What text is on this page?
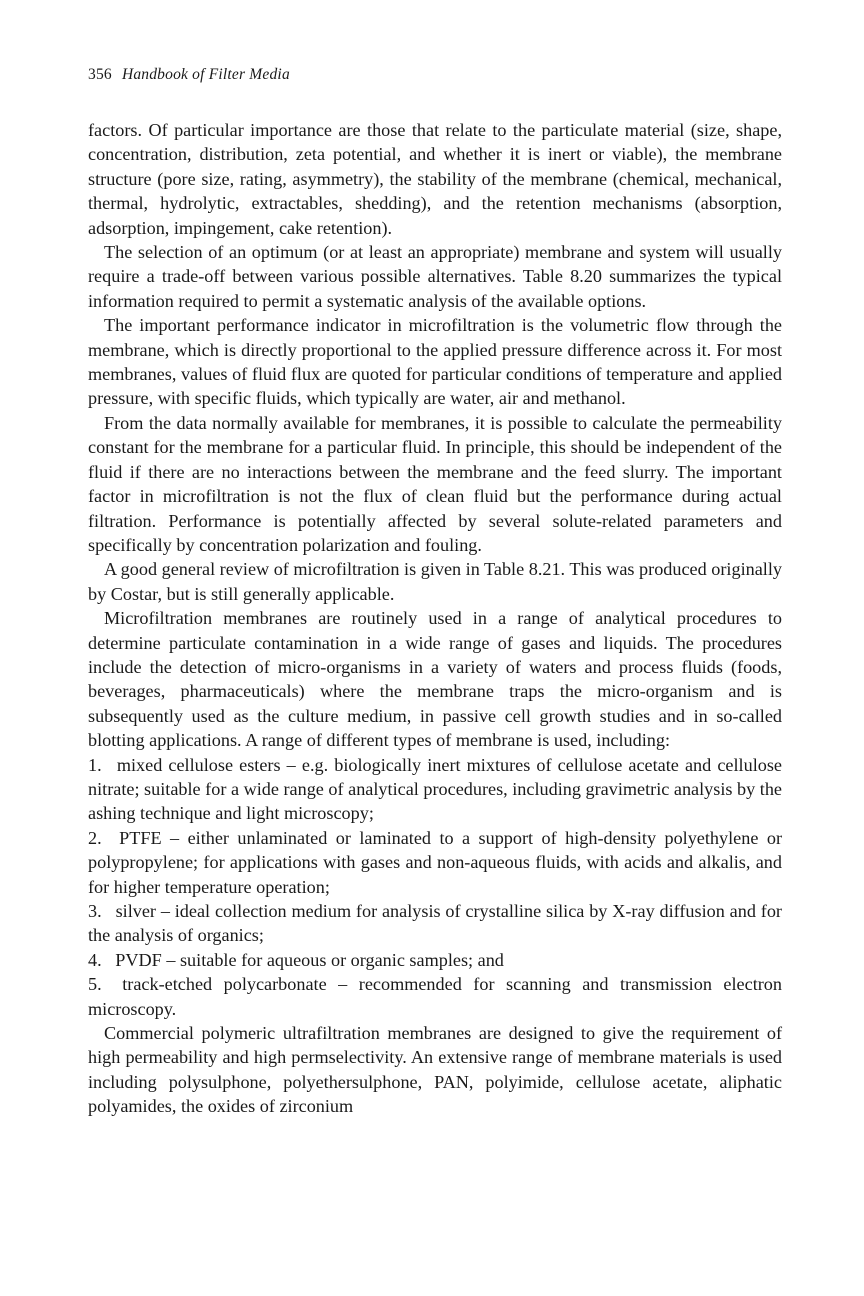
356 Handbook of Filter Media

factors. Of particular importance are those that relate to the particulate material (size, shape, concentration, distribution, zeta potential, and whether it is inert or viable), the membrane structure (pore size, rating, asymmetry), the stability of the membrane (chemical, mechanical, thermal, hydrolytic, extractables, shedding), and the retention mechanisms (absorption, adsorption, impingement, cake retention).

The selection of an optimum (or at least an appropriate) membrane and system will usually require a trade-off between various possible alternatives. Table 8.20 summarizes the typical information required to permit a systematic analysis of the available options.

The important performance indicator in microfiltration is the volumetric flow through the membrane, which is directly proportional to the applied pressure difference across it. For most membranes, values of fluid flux are quoted for particular conditions of temperature and applied pressure, with specific fluids, which typically are water, air and methanol.

From the data normally available for membranes, it is possible to calculate the permeability constant for the membrane for a particular fluid. In principle, this should be independent of the fluid if there are no interactions between the membrane and the feed slurry. The important factor in microfiltration is not the flux of clean fluid but the performance during actual filtration. Performance is potentially affected by several solute-related parameters and specifically by concentration polarization and fouling.

A good general review of microfiltration is given in Table 8.21. This was produced originally by Costar, but is still generally applicable.

Microfiltration membranes are routinely used in a range of analytical procedures to determine particulate contamination in a wide range of gases and liquids. The procedures include the detection of micro-organisms in a variety of waters and process fluids (foods, beverages, pharmaceuticals) where the membrane traps the micro-organism and is subsequently used as the culture medium, in passive cell growth studies and in so-called blotting applications. A range of different types of membrane is used, including:

1.  mixed cellulose esters – e.g. biologically inert mixtures of cellulose acetate and cellulose nitrate; suitable for a wide range of analytical procedures, including gravimetric analysis by the ashing technique and light microscopy;

2.  PTFE – either unlaminated or laminated to a support of high-density polyethylene or polypropylene; for applications with gases and non-aqueous fluids, with acids and alkalis, and for higher temperature operation;

3.  silver – ideal collection medium for analysis of crystalline silica by X-ray diffusion and for the analysis of organics;

4.  PVDF – suitable for aqueous or organic samples; and

5.  track-etched polycarbonate – recommended for scanning and transmission electron microscopy.

Commercial polymeric ultrafiltration membranes are designed to give the requirement of high permeability and high permselectivity. An extensive range of membrane materials is used including polysulphone, polyethersulphone, PAN, polyimide, cellulose acetate, aliphatic polyamides, the oxides of zirconium
